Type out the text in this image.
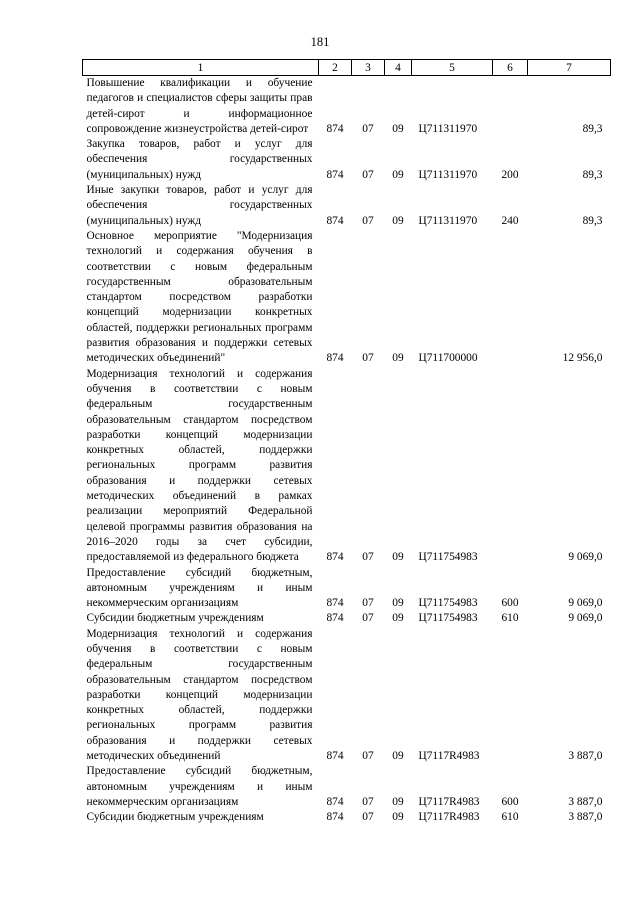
181
1	2	3	4	5	6	7
Повышение квалификации и обучение педагогов и специалистов сферы защиты прав детей-сирот и информационное сопровождение жизнеустройства детей-сирот	874	07	09	Ц711311970		89,3
Закупка товаров, работ и услуг для обеспечения государственных (муниципальных) нужд	874	07	09	Ц711311970	200	89,3
Иные закупки товаров, работ и услуг для обеспечения государственных (муниципальных) нужд	874	07	09	Ц711311970	240	89,3
Основное мероприятие "Модернизация технологий и содержания обучения в соответствии с новым федеральным государственным образовательным стандартом посредством разработки концепций модернизации конкретных областей, поддержки региональных программ развития образования и поддержки сетевых методических объединений"	874	07	09	Ц711700000		12 956,0
Модернизация технологий и содержания обучения в соответствии с новым федеральным государственным образовательным стандартом посредством разработки концепций модернизации конкретных областей, поддержки региональных программ развития образования и поддержки сетевых методических объединений в рамках реализации мероприятий Федеральной целевой программы развития образования на 2016–2020 годы за счет субсидии, предоставляемой из федерального бюджета	874	07	09	Ц711754983		9 069,0
Предоставление субсидий бюджетным, автономным учреждениям и иным некоммерческим организациям	874	07	09	Ц711754983	600	9 069,0
Субсидии бюджетным учреждениям	874	07	09	Ц711754983	610	9 069,0
Модернизация технологий и содержания обучения в соответствии с новым федеральным государственным образовательным стандартом посредством разработки концепций модернизации конкретных областей, поддержки региональных программ развития образования и поддержки сетевых методических объединений	874	07	09	Ц7117R4983		3 887,0
Предоставление субсидий бюджетным, автономным учреждениям и иным некоммерческим организациям	874	07	09	Ц7117R4983	600	3 887,0
Субсидии бюджетным учреждениям	874	07	09	Ц7117R4983	610	3 887,0
